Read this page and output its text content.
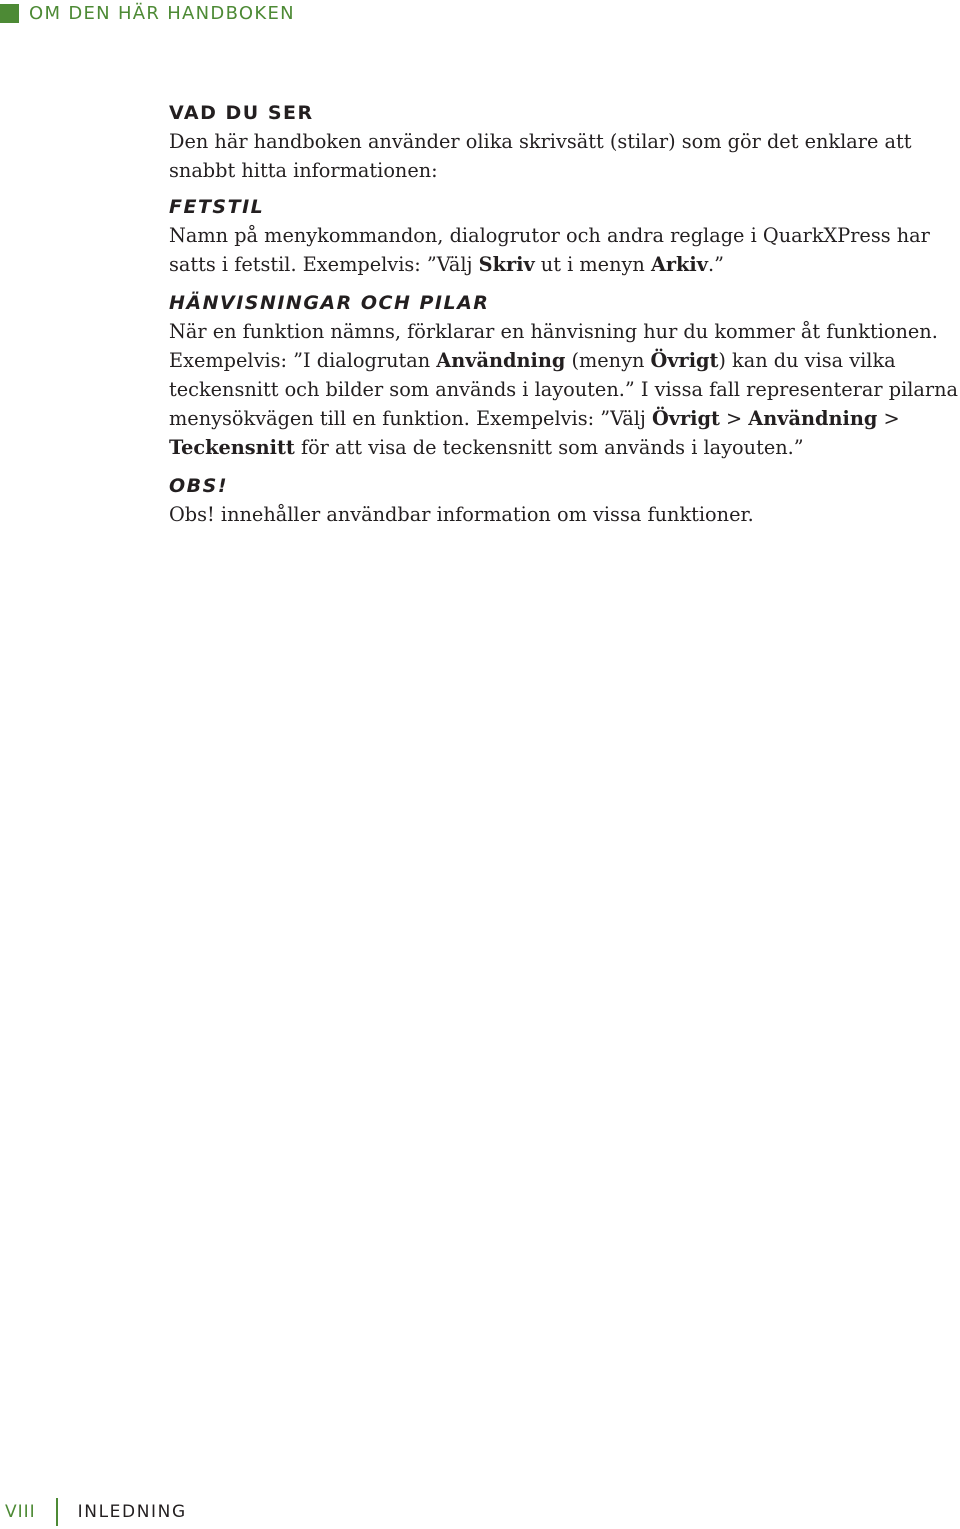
OM DEN HÄR HANDBOKEN
VAD DU SER

Den här handboken använder olika skrivsätt (stilar) som gör det enklare att

snabbt hitta informationen:

FETSTIL

Namn på menykommandon, dialogrutor och andra reglage i QuarkXPress har

satts i fetstil. Exempelvis: ”Välj Skriv ut i menyn Arkiv.”

HÄNVISNINGAR OCH PILAR

När en funktion nämns, förklarar en hänvisning hur du kommer åt funktionen.

Exempelvis: ”I dialogrutan Användning (menyn Övrigt) kan du visa vilka

teckensnitt och bilder som används i layouten.” I vissa fall representerar pilarna

menysökvägen till en funktion. Exempelvis: ”Välj Övrigt > Användning >

Teckensnitt för att visa de teckensnitt som används i layouten.”

OBS!

Obs! innehåller användbar information om vissa funktioner.

VIII INLEDNING
